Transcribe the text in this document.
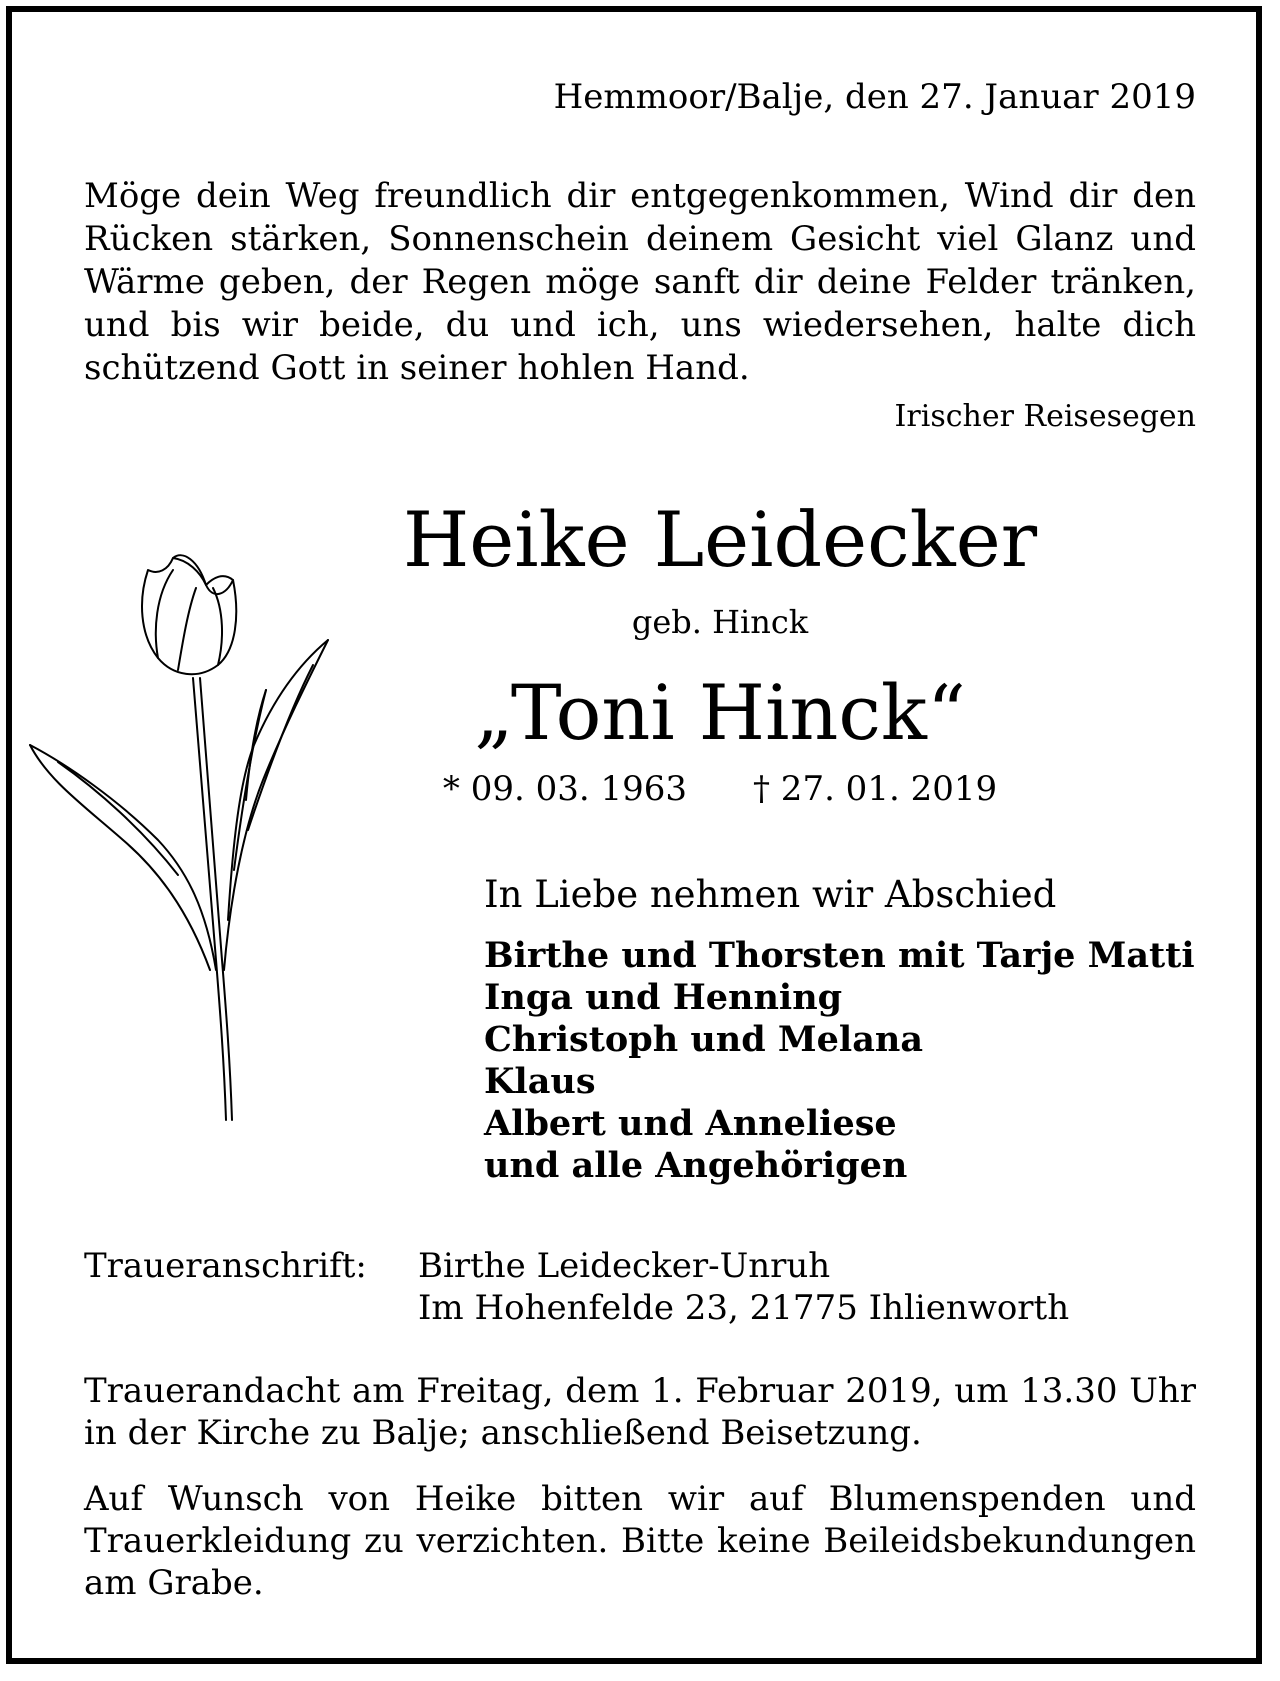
Hemmoor/Balje, den 27. Januar 2019
Möge dein Weg freundlich dir entgegenkommen, Wind dir den Rücken stärken, Sonnenschein deinem Gesicht viel Glanz und Wärme geben, der Regen möge sanft dir deine Felder tränken, und bis wir beide, du und ich, uns wiedersehen, halte dich schützend Gott in seiner hohlen Hand.
Irischer Reisesegen
Heike Leidecker
geb. Hinck
„Toni Hinck“
* 09. 03. 1963 † 27. 01. 2019
In Liebe nehmen wir Abschied
Birthe und Thorsten mit Tarje Matti
Inga und Henning
Christoph und Melana
Klaus
Albert und Anneliese
und alle Angehörigen
Traueranschrift: Birthe Leidecker-Unruh
Im Hohenfelde 23, 21775 Ihlienworth
Trauerandacht am Freitag, dem 1. Februar 2019, um 13.30 Uhr in der Kirche zu Balje; anschließend Beisetzung.
Auf Wunsch von Heike bitten wir auf Blumenspenden und Trauerkleidung zu verzichten. Bitte keine Beileidsbekundungen am Grabe.
